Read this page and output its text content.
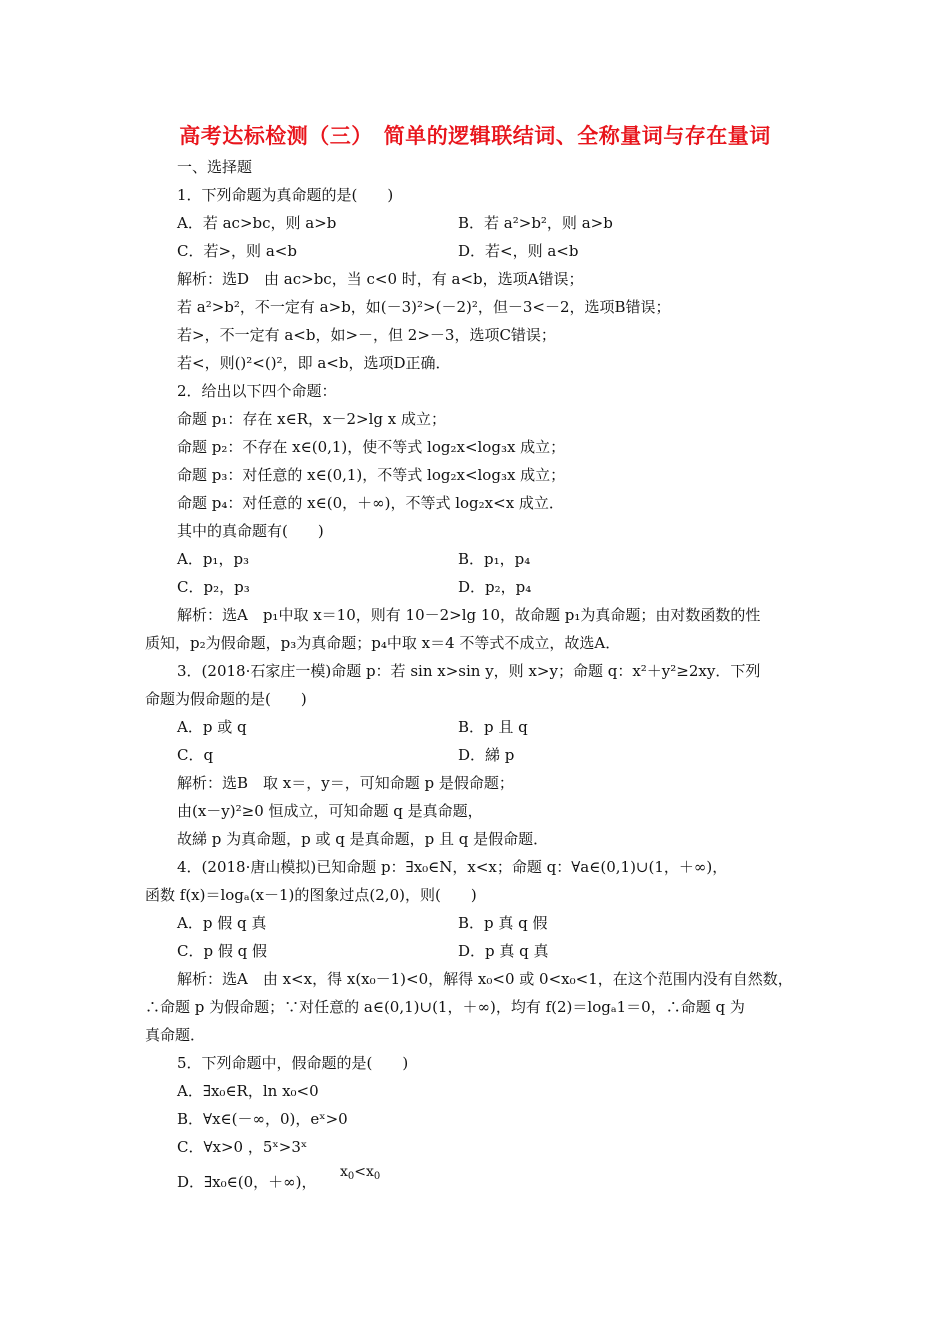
高考达标检测（三）　简单的逻辑联结词、全称量词与存在量词
一、选择题
1．下列命题为真命题的是(　　)
A．若 ac>bc，则 a>b	B．若 a²>b²，则 a>b
C．若>，则 a<b	D．若<，则 a<b
解析：选D　由 ac>bc，当 c<0 时，有 a<b，选项A错误；
若 a²>b²，不一定有 a>b，如(－3)²>(－2)²，但－3<－2，选项B错误；
若>，不一定有 a<b，如>－，但 2>－3，选项C错误；
若<，则()²<()²，即 a<b，选项D正确．
2．给出以下四个命题：
命题 p₁：存在 x∈R，x－2>lg x 成立；
命题 p₂：不存在 x∈(0,1)，使不等式 log₂x<log₃x 成立；
命题 p₃：对任意的 x∈(0,1)，不等式 log₂x<log₃x 成立；
命题 p₄：对任意的 x∈(0，＋∞)，不等式 log₂x<x 成立．
其中的真命题有(　　)
A．p₁，p₃	B．p₁，p₄
C．p₂，p₃	D．p₂，p₄
解析：选A　p₁中取 x＝10，则有 10－2>lg 10，故命题 p₁为真命题；由对数函数的性
质知，p₂为假命题，p₃为真命题；p₄中取 x＝4 不等式不成立，故选A．
3．(2018·石家庄一模)命题 p：若 sin x>sin y，则 x>y；命题 q：x²＋y²≥2xy．下列
命题为假命题的是(　　)
A．p 或 q	B．p 且 q
C．q	D．綈 p
解析：选B　取 x＝，y＝，可知命题 p 是假命题；
由(x－y)²≥0 恒成立，可知命题 q 是真命题，
故綈 p 为真命题，p 或 q 是真命题，p 且 q 是假命题．
4．(2018·唐山模拟)已知命题 p：∃x₀∈N，x<x；命题 q：∀a∈(0,1)∪(1，＋∞)，
函数 f(x)＝logₐ(x－1)的图象过点(2,0)，则(　　)
A．p 假 q 真	B．p 真 q 假
C．p 假 q 假	D．p 真 q 真
解析：选A　由 x<x，得 x(x₀－1)<0，解得 x₀<0 或 0<x₀<1，在这个范围内没有自然数，
∴命题 p 为假命题；∵对任意的 a∈(0,1)∪(1，＋∞)，均有 f(2)＝logₐ1＝0，∴命题 q 为
真命题．
5．下列命题中，假命题的是(　　)
A．∃x₀∈R，ln x₀<0
B．∀x∈(－∞，0)，eˣ>0
C．∀x>0 ，5ˣ>3ˣ
D．∃x₀∈(0，＋∞)，
$x_0<x_0$
